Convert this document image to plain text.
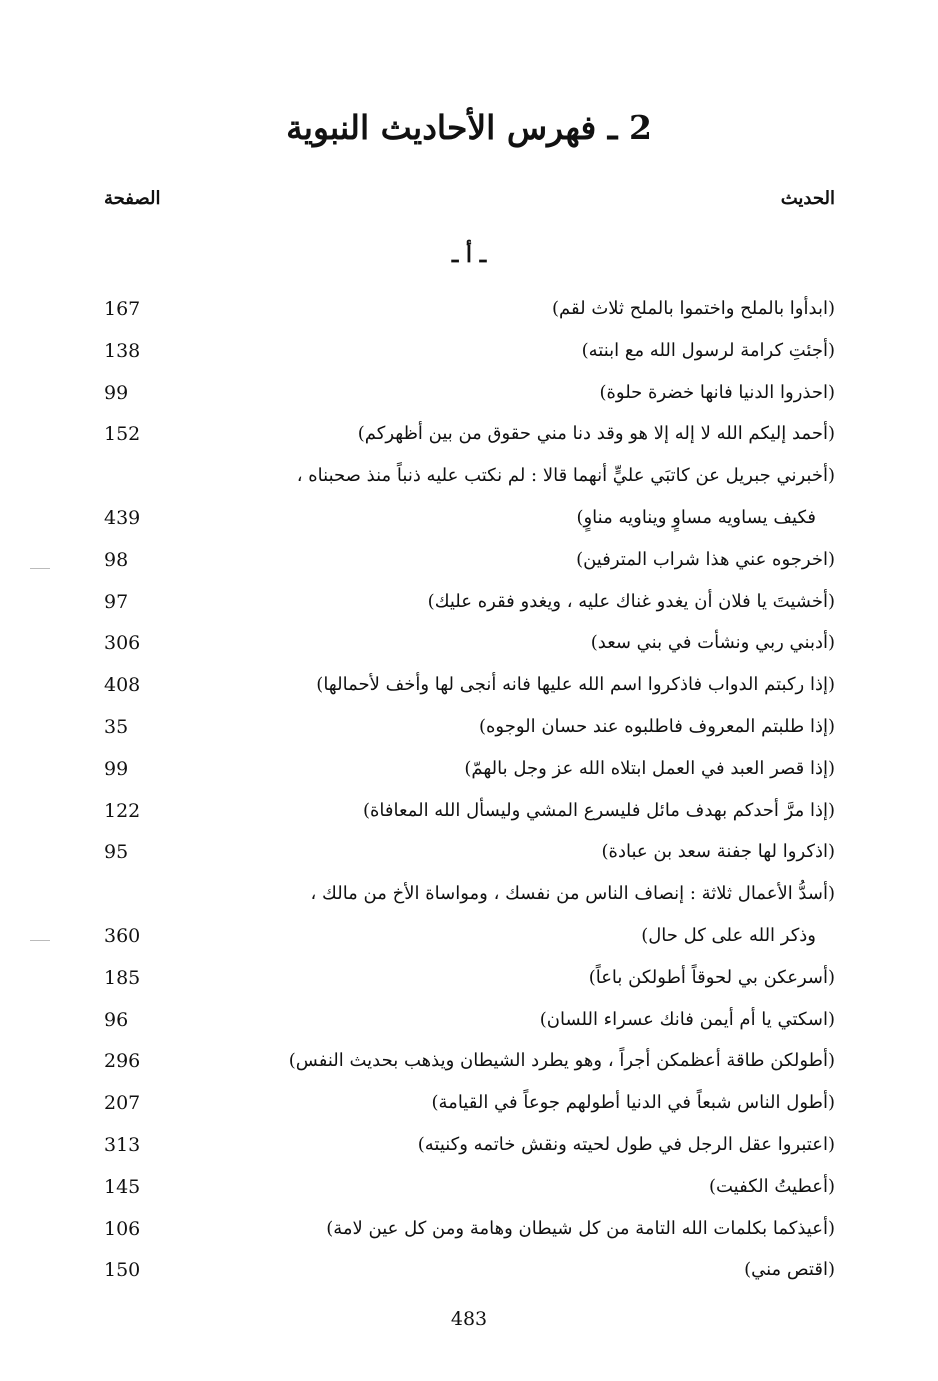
2 ـ فهرس الأحاديث النبوية
الحديث
الصفحة
ـ أ ـ
(ابدأوا بالملح واختموا بالملح ثلاث لقم)
167
(أجئتِ كرامة لرسول الله مع ابنته)
138
(احذروا الدنيا فانها خضرة حلوة)
99
(أحمد إليكم الله لا إله إلا هو وقد دنا مني حقوق من بين أظهركم)
152
(أخبرني جبريل عن كاتبَي عليٍّ أنهما قالا : لم نكتب عليه ذنباً منذ صحبناه ،
فكيف يساويه مساوٍ ويناويه مناوٍ)
439
(اخرجوه عني هذا شراب المترفين)
98
(أخشيتَ يا فلان أن يغدو غناك عليه ، ويغدو فقره عليك)
97
(أدبني ربي ونشأت في بني سعد)
306
(إذا ركبتم الدواب فاذكروا اسم الله عليها فانه أنجى لها وأخف لأحمالها)
408
(إذا طلبتم المعروف فاطلبوه عند حسان الوجوه)
35
(إذا قصر العبد في العمل ابتلاه الله عز وجل بالهمّ)
99
(إذا مرَّ أحدكم بهدف مائل فليسرع المشي وليسأل الله المعافاة)
122
(اذكروا لها جفنة سعد بن عبادة)
95
(أسدُّ الأعمال ثلاثة : إنصاف الناس من نفسك ، ومواساة الأخ من مالك ،
وذكر الله على كل حال)
360
(أسرعكن بي لحوقاً أطولكن باعاً)
185
(اسكتي يا أم أيمن فانك عسراء اللسان)
96
(أطولكن طاقة أعظمكن أجراً ، وهو يطرد الشيطان ويذهب بحديث النفس)
296
(أطول الناس شبعاً في الدنيا أطولهم جوعاً في القيامة)
207
(اعتبروا عقل الرجل في طول لحيته ونقش خاتمه وكنيته)
313
(أعطيتُ الكفيت)
145
(أعيذكما بكلمات الله التامة من كل شيطان وهامة ومن كل عين لامة)
106
(اقتص مني)
150
483
